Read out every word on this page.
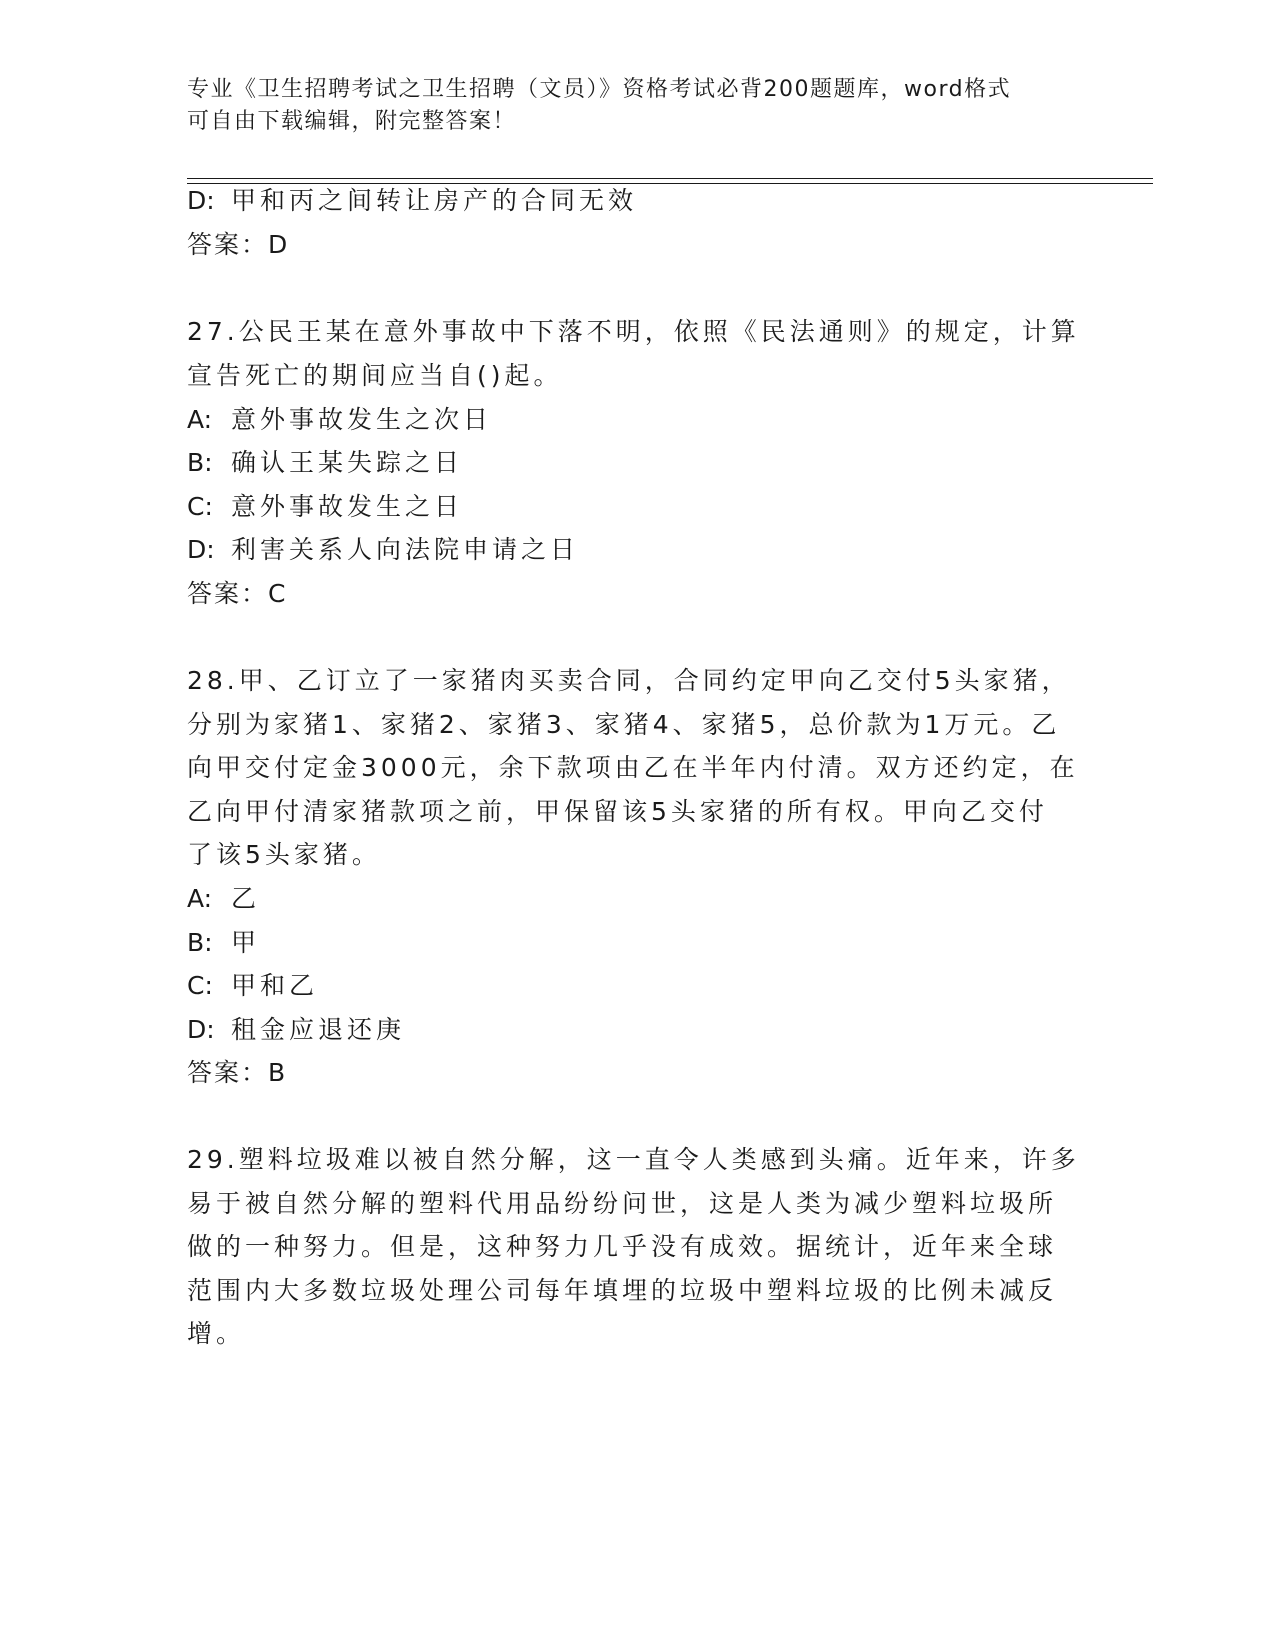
专业《卫生招聘考试之卫生招聘（文员）》资格考试必背200题题库，word格式
可自由下载编辑，附完整答案！
D: 甲和丙之间转让房产的合同无效
答案：D
27.公民王某在意外事故中下落不明，依照《民法通则》的规定，计算
宣告死亡的期间应当自()起。
A: 意外事故发生之次日
B: 确认王某失踪之日
C: 意外事故发生之日
D: 利害关系人向法院申请之日
答案：C
28.甲、乙订立了一家猪肉买卖合同，合同约定甲向乙交付5头家猪，
分别为家猪1、家猪2、家猪3、家猪4、家猪5，总价款为1万元。乙
向甲交付定金3000元，余下款项由乙在半年内付清。双方还约定，在
乙向甲付清家猪款项之前，甲保留该5头家猪的所有权。甲向乙交付
了该5头家猪。
A: 乙
B: 甲
C: 甲和乙
D: 租金应退还庚
答案：B
29.塑料垃圾难以被自然分解，这一直令人类感到头痛。近年来，许多
易于被自然分解的塑料代用品纷纷问世，这是人类为减少塑料垃圾所
做的一种努力。但是，这种努力几乎没有成效。据统计，近年来全球
范围内大多数垃圾处理公司每年填埋的垃圾中塑料垃圾的比例未减反
增。
